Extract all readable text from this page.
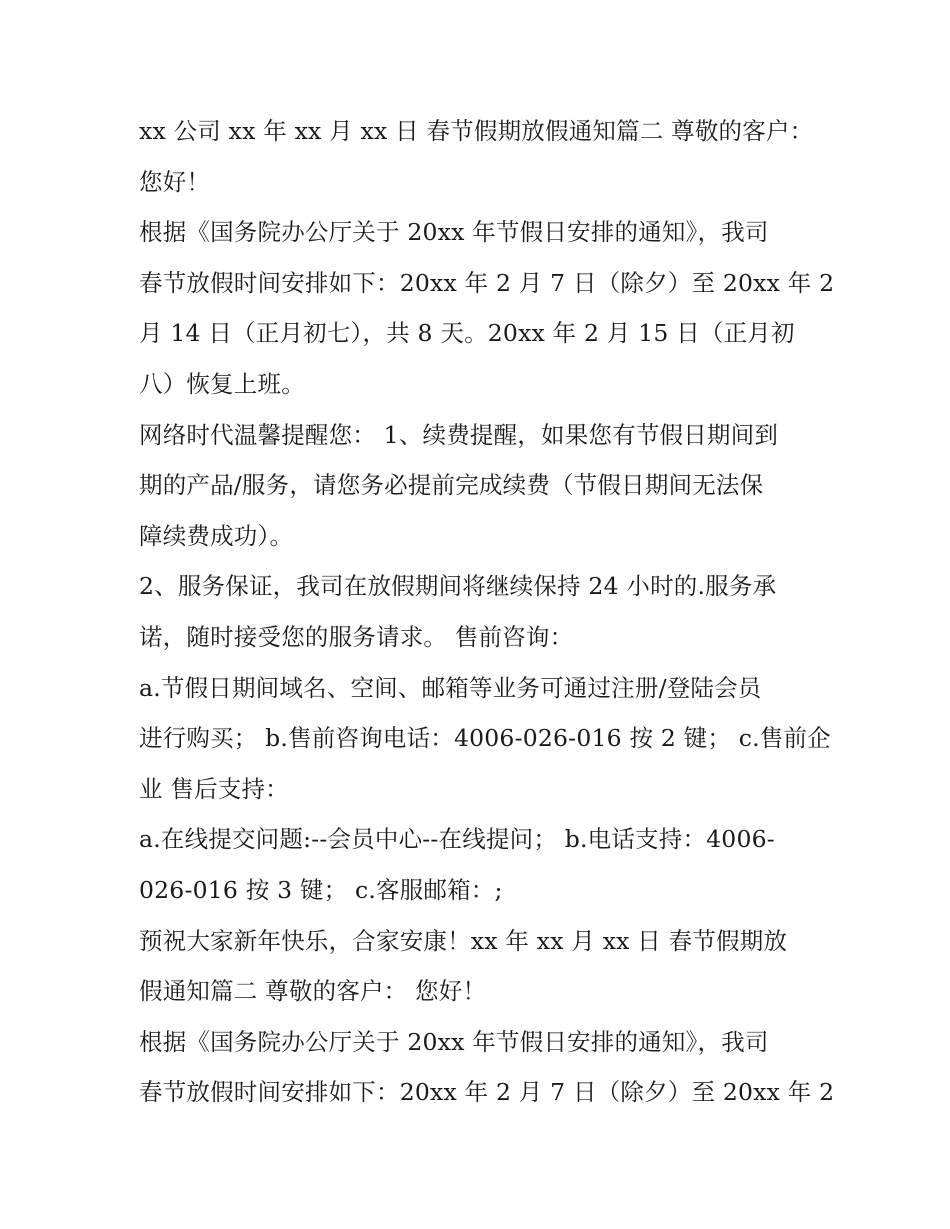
xx 公司 xx 年 xx 月 xx 日 春节假期放假通知篇二 尊敬的客户：
您好！
根据《国务院办公厅关于 20xx 年节假日安排的通知》，我司
春节放假时间安排如下：20xx 年 2 月 7 日（除夕）至 20xx 年 2
月 14 日（正月初七），共 8 天。20xx 年 2 月 15 日（正月初
八）恢复上班。
网络时代温馨提醒您： 1、续费提醒，如果您有节假日期间到
期的产品/服务，请您务必提前完成续费（节假日期间无法保
障续费成功）。
2、服务保证，我司在放假期间将继续保持 24 小时的.服务承
诺，随时接受您的服务请求。 售前咨询：
a.节假日期间域名、空间、邮箱等业务可通过注册/登陆会员
进行购买； b.售前咨询电话：4006-026-016 按 2 键； c.售前企
业 售后支持：
a.在线提交问题:--会员中心--在线提问； b.电话支持：4006-
026-016 按 3 键； c.客服邮箱：;
预祝大家新年快乐，合家安康！xx 年 xx 月 xx 日 春节假期放
假通知篇二 尊敬的客户： 您好！
根据《国务院办公厅关于 20xx 年节假日安排的通知》，我司
春节放假时间安排如下：20xx 年 2 月 7 日（除夕）至 20xx 年 2
